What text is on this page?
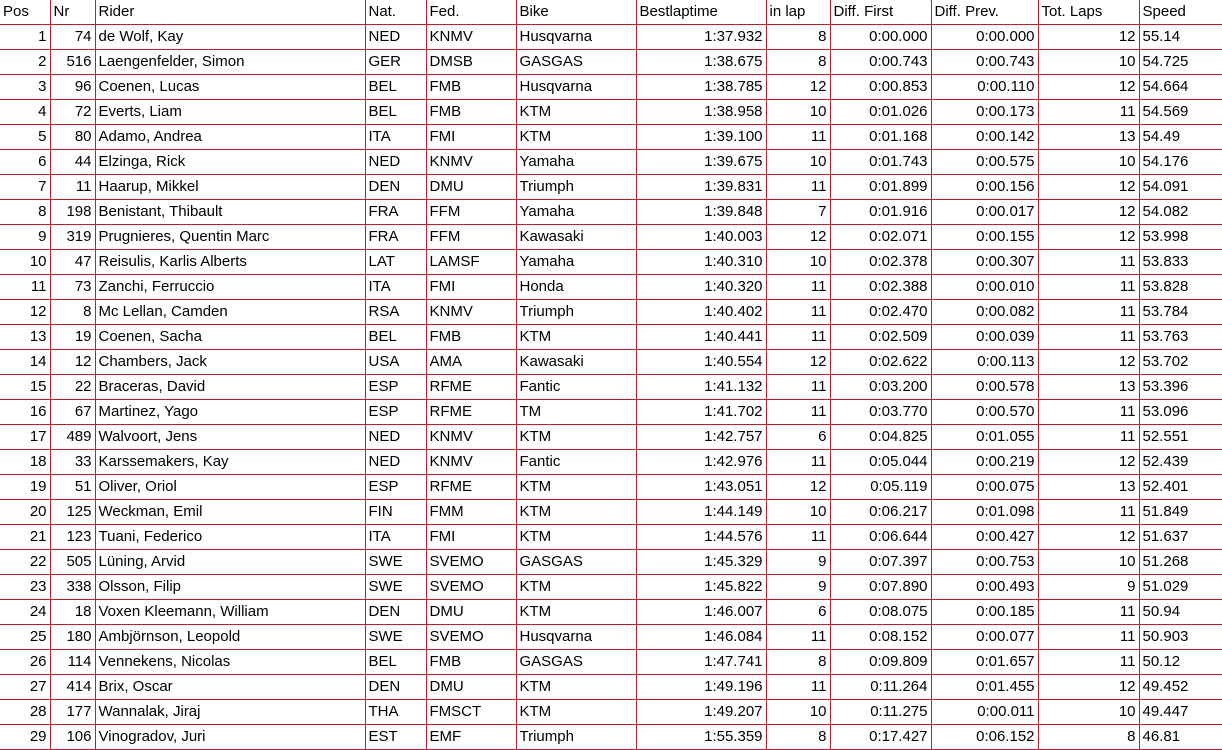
Pos	Nr	Rider	Nat.	Fed.	Bike	Bestlaptime	in lap	Diff. First	Diff. Prev.	Tot. Laps	Speed
1	74	de Wolf, Kay	NED	KNMV	Husqvarna	1:37.932	8	0:00.000	0:00.000	12	55.14
2	516	Laengenfelder, Simon	GER	DMSB	GASGAS	1:38.675	8	0:00.743	0:00.743	10	54.725
3	96	Coenen, Lucas	BEL	FMB	Husqvarna	1:38.785	12	0:00.853	0:00.110	12	54.664
4	72	Everts, Liam	BEL	FMB	KTM	1:38.958	10	0:01.026	0:00.173	11	54.569
5	80	Adamo, Andrea	ITA	FMI	KTM	1:39.100	11	0:01.168	0:00.142	13	54.49
6	44	Elzinga, Rick	NED	KNMV	Yamaha	1:39.675	10	0:01.743	0:00.575	10	54.176
7	11	Haarup, Mikkel	DEN	DMU	Triumph	1:39.831	11	0:01.899	0:00.156	12	54.091
8	198	Benistant, Thibault	FRA	FFM	Yamaha	1:39.848	7	0:01.916	0:00.017	12	54.082
9	319	Prugnieres, Quentin Marc	FRA	FFM	Kawasaki	1:40.003	12	0:02.071	0:00.155	12	53.998
10	47	Reisulis, Karlis Alberts	LAT	LAMSF	Yamaha	1:40.310	10	0:02.378	0:00.307	11	53.833
11	73	Zanchi, Ferruccio	ITA	FMI	Honda	1:40.320	11	0:02.388	0:00.010	11	53.828
12	8	Mc Lellan, Camden	RSA	KNMV	Triumph	1:40.402	11	0:02.470	0:00.082	11	53.784
13	19	Coenen, Sacha	BEL	FMB	KTM	1:40.441	11	0:02.509	0:00.039	11	53.763
14	12	Chambers, Jack	USA	AMA	Kawasaki	1:40.554	12	0:02.622	0:00.113	12	53.702
15	22	Braceras, David	ESP	RFME	Fantic	1:41.132	11	0:03.200	0:00.578	13	53.396
16	67	Martinez, Yago	ESP	RFME	TM	1:41.702	11	0:03.770	0:00.570	11	53.096
17	489	Walvoort, Jens	NED	KNMV	KTM	1:42.757	6	0:04.825	0:01.055	11	52.551
18	33	Karssemakers, Kay	NED	KNMV	Fantic	1:42.976	11	0:05.044	0:00.219	12	52.439
19	51	Oliver, Oriol	ESP	RFME	KTM	1:43.051	12	0:05.119	0:00.075	13	52.401
20	125	Weckman, Emil	FIN	FMM	KTM	1:44.149	10	0:06.217	0:01.098	11	51.849
21	123	Tuani, Federico	ITA	FMI	KTM	1:44.576	11	0:06.644	0:00.427	12	51.637
22	505	Lüning, Arvid	SWE	SVEMO	GASGAS	1:45.329	9	0:07.397	0:00.753	10	51.268
23	338	Olsson, Filip	SWE	SVEMO	KTM	1:45.822	9	0:07.890	0:00.493	9	51.029
24	18	Voxen Kleemann, William	DEN	DMU	KTM	1:46.007	6	0:08.075	0:00.185	11	50.94
25	180	Ambjörnson, Leopold	SWE	SVEMO	Husqvarna	1:46.084	11	0:08.152	0:00.077	11	50.903
26	114	Vennekens, Nicolas	BEL	FMB	GASGAS	1:47.741	8	0:09.809	0:01.657	11	50.12
27	414	Brix, Oscar	DEN	DMU	KTM	1:49.196	11	0:11.264	0:01.455	12	49.452
28	177	Wannalak, Jiraj	THA	FMSCT	KTM	1:49.207	10	0:11.275	0:00.011	10	49.447
29	106	Vinogradov, Juri	EST	EMF	Triumph	1:55.359	8	0:17.427	0:06.152	8	46.81
